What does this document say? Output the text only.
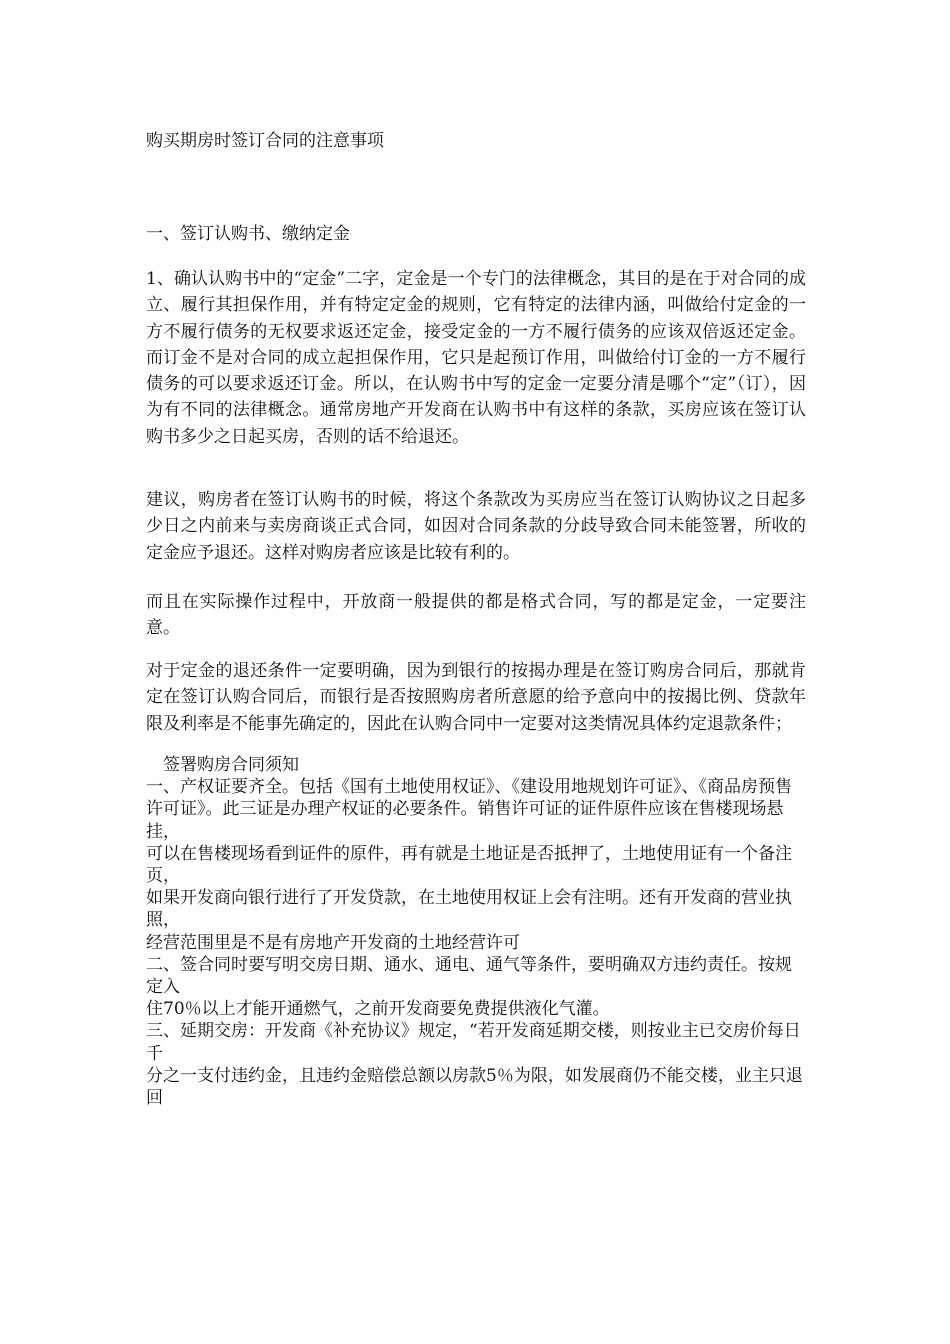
购买期房时签订合同的注意事项
一、签订认购书、缴纳定金

1、确认认购书中的“定金”二字，定金是一个专门的法律概念，其目的是在于对合同的成立、履行其担保作用，并有特定定金的规则，它有特定的法律内涵，叫做给付定金的一方不履行债务的无权要求返还定金，接受定金的一方不履行债务的应该双倍返还定金。而订金不是对合同的成立起担保作用，它只是起预订作用，叫做给付订金的一方不履行债务的可以要求返还订金。所以，在认购书中写的定金一定要分清是哪个“定”（订），因为有不同的法律概念。通常房地产开发商在认购书中有这样的条款，买房应该在签订认购书多少之日起买房，否则的话不给退还。

建议，购房者在签订认购书的时候，将这个条款改为买房应当在签订认购协议之日起多少日之内前来与卖房商谈正式合同，如因对合同条款的分歧导致合同未能签署，所收的定金应予退还。这样对购房者应该是比较有利的。

而且在实际操作过程中，开放商一般提供的都是格式合同，写的都是定金，一定要注意。

对于定金的退还条件一定要明确，因为到银行的按揭办理是在签订购房合同后，那就肯定在签订认购合同后，而银行是否按照购房者所意愿的给予意向中的按揭比例、贷款年限及利率是不能事先确定的，因此在认购合同中一定要对这类情况具体约定退款条件；

签署购房合同须知
一、产权证要齐全。包括《国有土地使用权证》、《建设用地规划许可证》、《商品房预售
许可证》。此三证是办理产权证的必要条件。销售许可证的证件原件应该在售楼现场悬挂，
可以在售楼现场看到证件的原件，再有就是土地证是否抵押了，土地使用证有一个备注页，
如果开发商向银行进行了开发贷款，在土地使用权证上会有注明。还有开发商的营业执照，
经营范围里是不是有房地产开发商的土地经营许可
二、签合同时要写明交房日期、通水、通电、通气等条件，要明确双方违约责任。按规定入
住70％以上才能开通燃气，之前开发商要免费提供液化气灌。
三、延期交房：开发商《补充协议》规定，“若开发商延期交楼，则按业主已交房价每日千
分之一支付违约金，且违约金赔偿总额以房款5％为限，如发展商仍不能交楼，业主只退回
